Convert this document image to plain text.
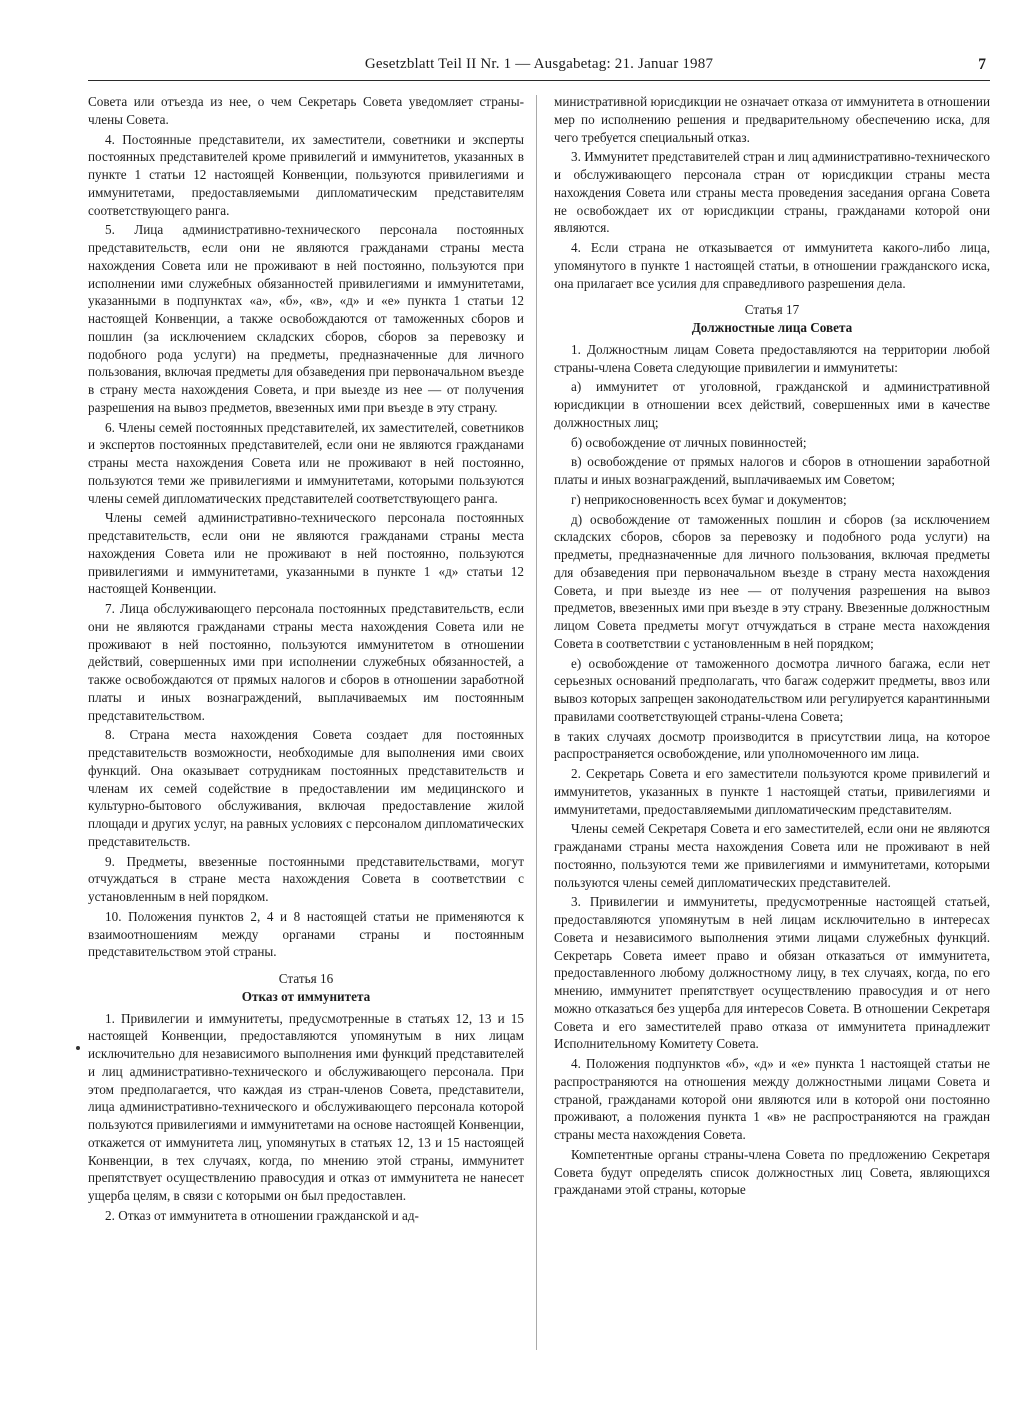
Gesetzblatt Teil II Nr. 1 — Ausgabetag: 21. Januar 1987	7

Совета или отъезда из нее, о чем Секретарь Совета уведомляет страны-члены Совета.

4. Постоянные представители, их заместители, советники и эксперты постоянных представителей кроме привилегий и иммунитетов, указанных в пункте 1 статьи 12 настоящей Конвенции, пользуются привилегиями и иммунитетами, предоставляемыми дипломатическим представителям соответствующего ранга.

5. Лица административно-технического персонала постоянных представительств, если они не являются гражданами страны места нахождения Совета или не проживают в ней постоянно, пользуются при исполнении ими служебных обязанностей привилегиями и иммунитетами, указанными в подпунктах «а», «б», «в», «д» и «е» пункта 1 статьи 12 настоящей Конвенции, а также освобождаются от таможенных сборов и пошлин (за исключением складских сборов, сборов за перевозку и подобного рода услуги) на предметы, предназначенные для личного пользования, включая предметы для обзаведения при первоначальном въезде в страну места нахождения Совета, и при выезде из нее — от получения разрешения на вывоз предметов, ввезенных ими при въезде в эту страну.

6. Члены семей постоянных представителей, их заместителей, советников и экспертов постоянных представителей, если они не являются гражданами страны места нахождения Совета или не проживают в ней постоянно, пользуются теми же привилегиями и иммунитетами, которыми пользуются члены семей дипломатических представителей соответствующего ранга.

Члены семей административно-технического персонала постоянных представительств, если они не являются гражданами страны места нахождения Совета или не проживают в ней постоянно, пользуются привилегиями и иммунитетами, указанными в пункте 1 «д» статьи 12 настоящей Конвенции.

7. Лица обслуживающего персонала постоянных представительств, если они не являются гражданами страны места нахождения Совета или не проживают в ней постоянно, пользуются иммунитетом в отношении действий, совершенных ими при исполнении служебных обязанностей, а также освобождаются от прямых налогов и сборов в отношении заработной платы и иных вознаграждений, выплачиваемых им постоянным представительством.

8. Страна места нахождения Совета создает для постоянных представительств возможности, необходимые для выполнения ими своих функций. Она оказывает сотрудникам постоянных представительств и членам их семей содействие в предоставлении им медицинского и культурно-бытового обслуживания, включая предоставление жилой площади и других услуг, на равных условиях с персоналом дипломатических представительств.

9. Предметы, ввезенные постоянными представительствами, могут отчуждаться в стране места нахождения Совета в соответствии с установленным в ней порядком.

10. Положения пунктов 2, 4 и 8 настоящей статьи не применяются к взаимоотношениям между органами страны и постоянным представительством этой страны.

Статья 16
Отказ от иммунитета

1. Привилегии и иммунитеты, предусмотренные в статьях 12, 13 и 15 настоящей Конвенции, предоставляются упомянутым в них лицам исключительно для независимого выполнения ими функций представителей и лиц административно-технического и обслуживающего персонала. При этом предполагается, что каждая из стран-членов Совета, представители, лица административно-технического и обслуживающего персонала которой пользуются привилегиями и иммунитетами на основе настоящей Конвенции, откажется от иммунитета лиц, упомянутых в статьях 12, 13 и 15 настоящей Конвенции, в тех случаях, когда, по мнению этой страны, иммунитет препятствует осуществлению правосудия и отказ от иммунитета не нанесет ущерба целям, в связи с которыми он был предоставлен.

2. Отказ от иммунитета в отношении гражданской и ад-

министративной юрисдикции не означает отказа от иммунитета в отношении мер по исполнению решения и предварительному обеспечению иска, для чего требуется специальный отказ.

3. Иммунитет представителей стран и лиц административно-технического и обслуживающего персонала стран от юрисдикции страны места нахождения Совета или страны места проведения заседания органа Совета не освобождает их от юрисдикции страны, гражданами которой они являются.

4. Если страна не отказывается от иммунитета какого-либо лица, упомянутого в пункте 1 настоящей статьи, в отношении гражданского иска, она прилагает все усилия для справедливого разрешения дела.

Статья 17
Должностные лица Совета

1. Должностным лицам Совета предоставляются на территории любой страны-члена Совета следующие привилегии и иммунитеты:

а) иммунитет от уголовной, гражданской и административной юрисдикции в отношении всех действий, совершенных ими в качестве должностных лиц;

б) освобождение от личных повинностей;

в) освобождение от прямых налогов и сборов в отношении заработной платы и иных вознаграждений, выплачиваемых им Советом;

г) неприкосновенность всех бумаг и документов;

д) освобождение от таможенных пошлин и сборов (за исключением складских сборов, сборов за перевозку и подобного рода услуги) на предметы, предназначенные для личного пользования, включая предметы для обзаведения при первоначальном въезде в страну места нахождения Совета, и при выезде из нее — от получения разрешения на вывоз предметов, ввезенных ими при въезде в эту страну. Ввезенные должностным лицом Совета предметы могут отчуждаться в стране места нахождения Совета в соответствии с установленным в ней порядком;

е) освобождение от таможенного досмотра личного багажа, если нет серьезных оснований предполагать, что багаж содержит предметы, ввоз или вывоз которых запрещен законодательством или регулируется карантинными правилами соответствующей страны-члена Совета;

в таких случаях досмотр производится в присутствии лица, на которое распространяется освобождение, или уполномоченного им лица.

2. Секретарь Совета и его заместители пользуются кроме привилегий и иммунитетов, указанных в пункте 1 настоящей статьи, привилегиями и иммунитетами, предоставляемыми дипломатическим представителям.

Члены семей Секретаря Совета и его заместителей, если они не являются гражданами страны места нахождения Совета или не проживают в ней постоянно, пользуются теми же привилегиями и иммунитетами, которыми пользуются члены семей дипломатических представителей.

3. Привилегии и иммунитеты, предусмотренные настоящей статьей, предоставляются упомянутым в ней лицам исключительно в интересах Совета и независимого выполнения этими лицами служебных функций. Секретарь Совета имеет право и обязан отказаться от иммунитета, предоставленного любому должностному лицу, в тех случаях, когда, по его мнению, иммунитет препятствует осуществлению правосудия и от него можно отказаться без ущерба для интересов Совета. В отношении Секретаря Совета и его заместителей право отказа от иммунитета принадлежит Исполнительному Комитету Совета.

4. Положения подпунктов «б», «д» и «е» пункта 1 настоящей статьи не распространяются на отношения между должностными лицами Совета и страной, гражданами которой они являются или в которой они постоянно проживают, а положения пункта 1 «в» не распространяются на граждан страны места нахождения Совета.

Компетентные органы страны-члена Совета по предложению Секретаря Совета будут определять список должностных лиц Совета, являющихся гражданами этой страны, которые
